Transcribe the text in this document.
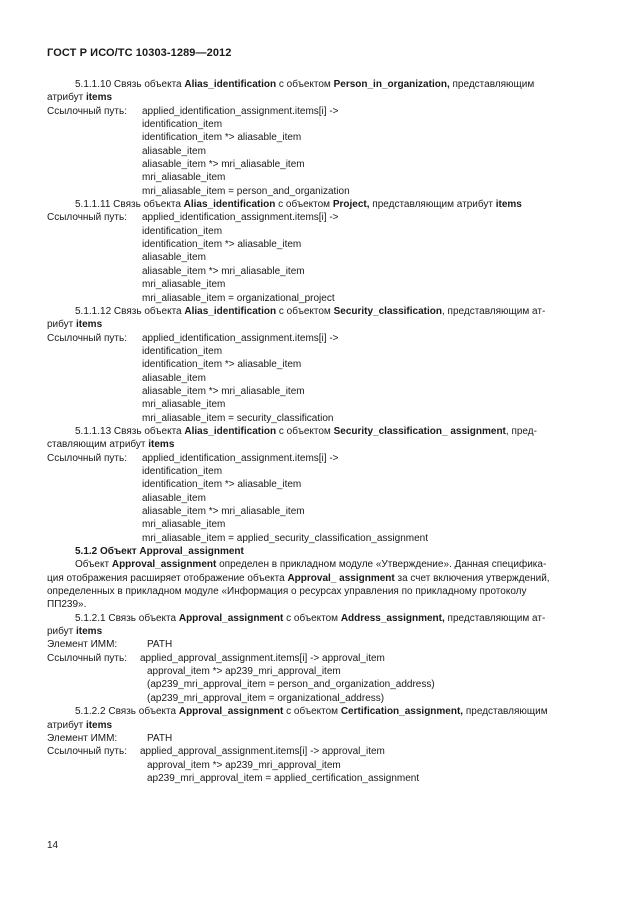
ГОСТ Р ИСО/ТС 10303-1289—2012
5.1.1.10 Связь объекта Alias_identification с объектом Person_in_organization, представляющим
атрибут items
Ссылочный путь: applied_identification_assignment.items[i] ->
identification_item
identification_item *> aliasable_item
aliasable_item
aliasable_item *> mri_aliasable_item
mri_aliasable_item
mri_aliasable_item = person_and_organization
5.1.1.11 Связь объекта Alias_identification с объектом Project, представляющим атрибут items
Ссылочный путь: applied_identification_assignment.items[i] ->
identification_item
identification_item *> aliasable_item
aliasable_item
aliasable_item *> mri_aliasable_item
mri_aliasable_item
mri_aliasable_item = organizational_project
5.1.1.12 Связь объекта Alias_identification с объектом Security_classification, представляющим ат-
рибут items
Ссылочный путь: applied_identification_assignment.items[i] ->
identification_item
identification_item *> aliasable_item
aliasable_item
aliasable_item *> mri_aliasable_item
mri_aliasable_item
mri_aliasable_item = security_classification
5.1.1.13 Связь объекта Alias_identification с объектом Security_classification_ assignment, пред-
ставляющим атрибут items
Ссылочный путь: applied_identification_assignment.items[i] ->
identification_item
identification_item *> aliasable_item
aliasable_item
aliasable_item *> mri_aliasable_item
mri_aliasable_item
mri_aliasable_item = applied_security_classification_assignment
5.1.2 Объект Approval_assignment
Объект Approval_assignment определен в прикладном модуле «Утверждение». Данная специфика-
ция отображения расширяет отображение объекта Approval_ assignment за счет включения утверждений,
определенных в прикладном модуле «Информация о ресурсах управления по прикладному протоколу
ПП239».
5.1.2.1 Связь объекта Approval_assignment с объектом Address_assignment, представляющим ат-
рибут items
Элемент ИММ:	PATH
Ссылочный путь: applied_approval_assignment.items[i] -> approval_item
approval_item *> ap239_mri_approval_item
(ap239_mri_approval_item = person_and_organization_address)
(ap239_mri_approval_item = organizational_address)
5.1.2.2 Связь объекта Approval_assignment с объектом Certification_assignment, представляющим
атрибут items
Элемент ИММ:	PATH
Ссылочный путь: applied_approval_assignment.items[i] -> approval_item
approval_item *> ap239_mri_approval_item
ap239_mri_approval_item = applied_certification_assignment
14
